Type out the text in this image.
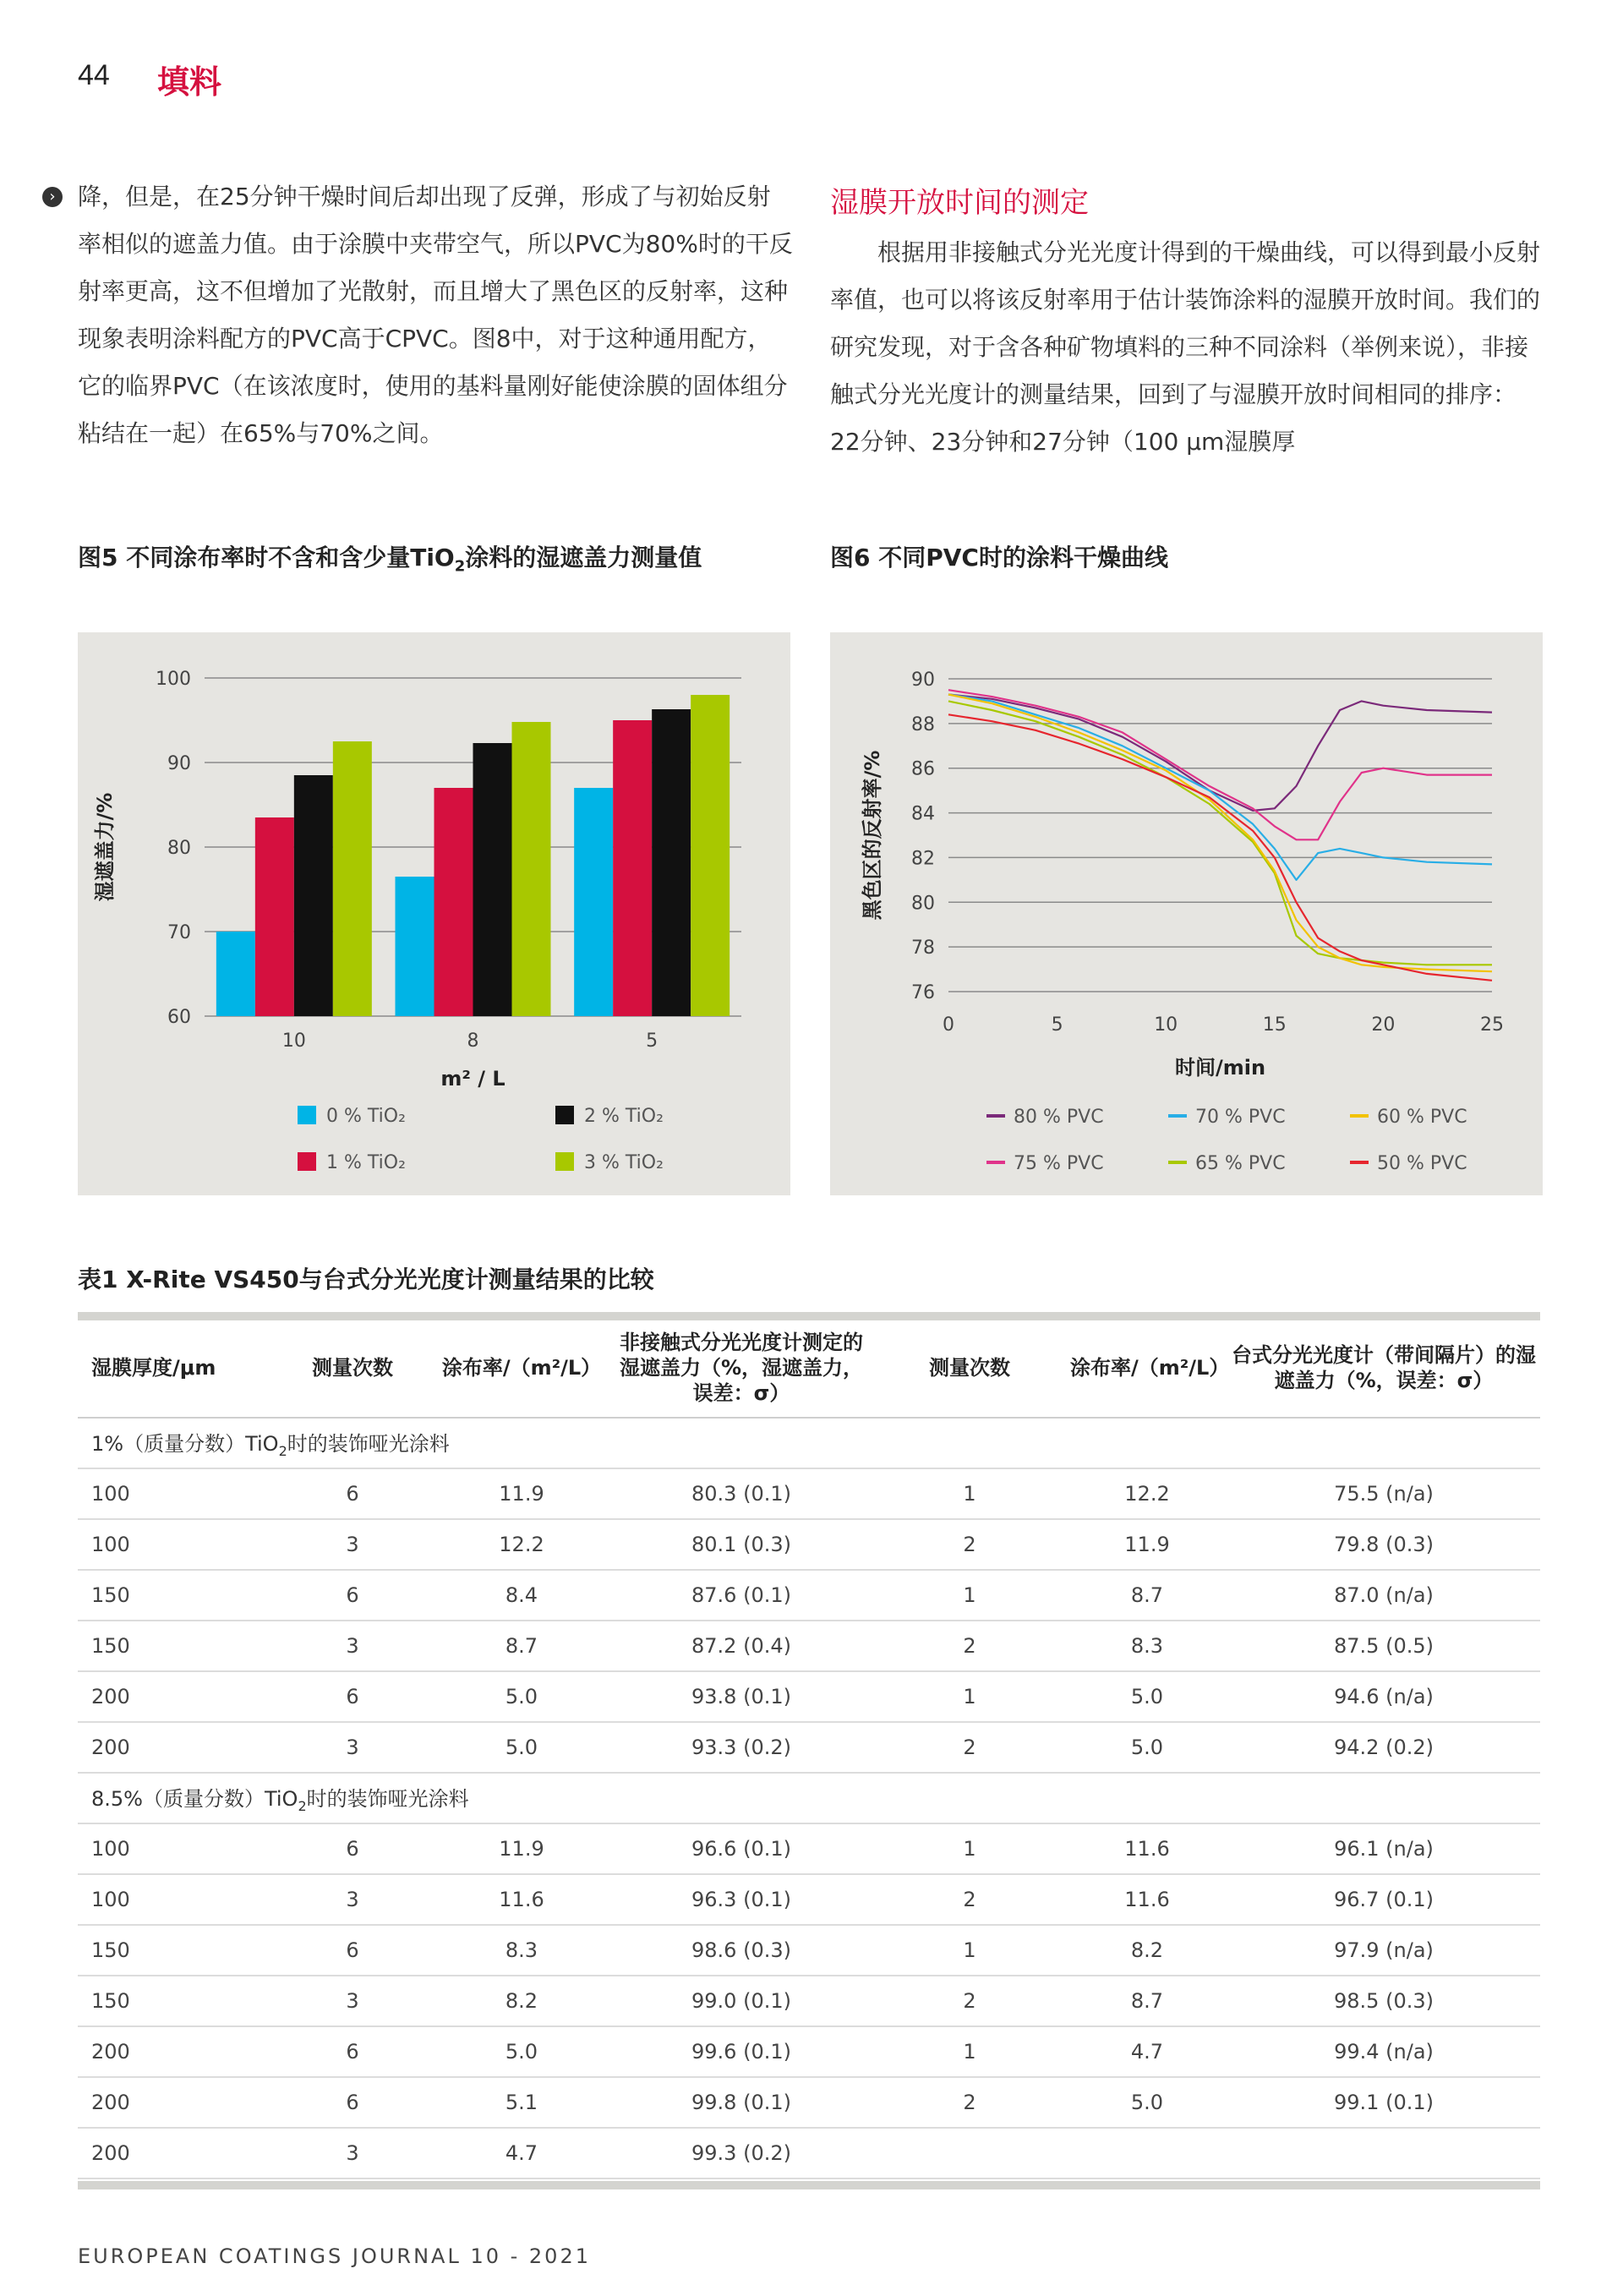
44 填料
› 降，但是，在25分钟干燥时间后却出现了反弹，形成了与初始反射率相似的遮盖力值。由于涂膜中夹带空气，所以PVC为80%时的干反射率更高，这不但增加了光散射，而且增大了黑色区的反射率，这种现象表明涂料配方的PVC高于CPVC。图8中，对于这种通用配方，它的临界PVC（在该浓度时，使用的基料量刚好能使涂膜的固体组分粘结在一起）在65%与70%之间。
湿膜开放时间的测定
根据用非接触式分光光度计得到的干燥曲线，可以得到最小反射率值，也可以将该反射率用于估计装饰涂料的湿膜开放时间。我们的研究发现，对于含各种矿物填料的三种不同涂料（举例来说），非接触式分光光度计的测量结果，回到了与湿膜开放时间相同的排序：22分钟、23分钟和27分钟（100 μm湿膜厚
图5 不同涂布率时不含和含少量TiO$_2$涂料的湿遮盖力测量值	图6 不同PVC时的涂料干燥曲线
60
70
80
90
100
10	8	5
m² / L
湿遮盖力/%
0 % TiO₂	2 % TiO₂
1 % TiO₂	3 % TiO₂
76
78
80
82
84
86
88
90
0	5	10	15	20	25
时间/min
黑色区的反射率/%
80 % PVC	70 % PVC	60 % PVC
75 % PVC	65 % PVC	50 % PVC
表1 X-Rite VS450与台式分光光度计测量结果的比较
湿膜厚度/μm	测量次数	涂布率/（m²/L）	非接触式分光光度计测定的湿遮盖力（%，湿遮盖力，误差：σ）	测量次数	涂布率/（m²/L）	台式分光光度计（带间隔片）的湿遮盖力（%，误差：σ）
1%（质量分数）TiO$_2$时的装饰哑光涂料						
100	6	11.9	80.3 (0.1)	1	12.2	75.5 (n/a)
100	3	12.2	80.1 (0.3)	2	11.9	79.8 (0.3)
150	6	8.4	87.6 (0.1)	1	8.7	87.0 (n/a)
150	3	8.7	87.2 (0.4)	2	8.3	87.5 (0.5)
200	6	5.0	93.8 (0.1)	1	5.0	94.6 (n/a)
200	3	5.0	93.3 (0.2)	2	5.0	94.2 (0.2)
8.5%（质量分数）TiO$_2$时的装饰哑光涂料						
100	6	11.9	96.6 (0.1)	1	11.6	96.1 (n/a)
100	3	11.6	96.3 (0.1)	2	11.6	96.7 (0.1)
150	6	8.3	98.6 (0.3)	1	8.2	97.9 (n/a)
150	3	8.2	99.0 (0.1)	2	8.7	98.5 (0.3)
200	6	5.0	99.6 (0.1)	1	4.7	99.4 (n/a)
200	6	5.1	99.8 (0.1)	2	5.0	99.1 (0.1)
200	3	4.7	99.3 (0.2)			
EUROPEAN COATINGS JOURNAL 10 - 2021
